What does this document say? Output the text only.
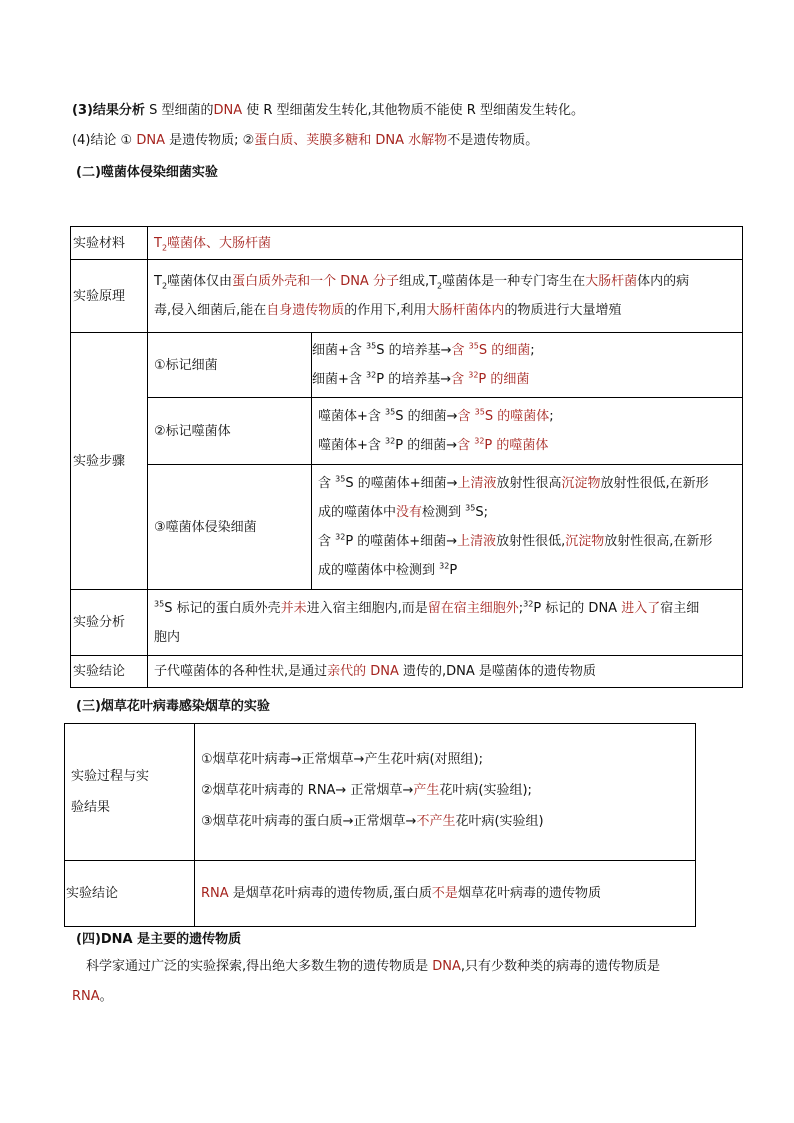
(3)结果分析 S 型细菌的DNA 使 R 型细菌发生转化,其他物质不能使 R 型细菌发生转化。
(4)结论 ① DNA 是遗传物质; ②蛋白质、荚膜多糖和 DNA 水解物不是遗传物质。
(二)噬菌体侵染细菌实验
实验材料	$T_2$噬菌体、大肠杆菌	
实验原理	$T_2$噬菌体仅由蛋白质外壳和一个 DNA 分子组成$,T_2$噬菌体是一种专门寄生在大肠杆菌体内的病
毒,侵入细菌后,能在自身遗传物质的作用下,利用大肠杆菌体内的物质进行大量增殖	

实验步骤	①标记细菌	细菌+含 $^{35}$S 的培养基→含 $^{35}$S 的细菌;
细菌+含 $^{32}$P 的培养基→含 $^{32}$P 的细菌

	②标记噬菌体	噬菌体+含 $^{35}$S 的细菌→含 $^{35}$S 的噬菌体;
噬菌体+含 $^{32}$P 的细菌→含 $^{32}$P 的噬菌体

	③噬菌体侵染细菌	含 $^{35}$S 的噬菌体+细菌→上清液放射性很高沉淀物放射性很低,在新形
成的噬菌体中没有检测到 $^{35}$S;
含 $^{32}$P 的噬菌体+细菌→上清液放射性很低,沉淀物放射性很高,在新形
成的噬菌体中检测到 $^{32}$P

实验分析	$^{35}$S 标记的蛋白质外壳并未进入宿主细胞内,而是留在宿主细胞外;$^{32}$P 标记的 DNA 进入了宿主细
胞内	

实验结论	子代噬菌体的各种性状,是通过亲代的 DNA 遗传的,DNA 是噬菌体的遗传物质	
(三)烟草花叶病毒感染烟草的实验
实验过程与实
验结果	①烟草花叶病毒→正常烟草→产生花叶病(对照组);
②烟草花叶病毒的 RNA→ 正常烟草→产生花叶病(实验组);
③烟草花叶病毒的蛋白质→正常烟草→不产生花叶病(实验组)

实验结论	RNA 是烟草花叶病毒的遗传物质,蛋白质不是烟草花叶病毒的遗传物质
(四)DNA 是主要的遗传物质
科学家通过广泛的实验探索,得出绝大多数生物的遗传物质是 DNA,只有少数种类的病毒的遗传物质是
RNA。
